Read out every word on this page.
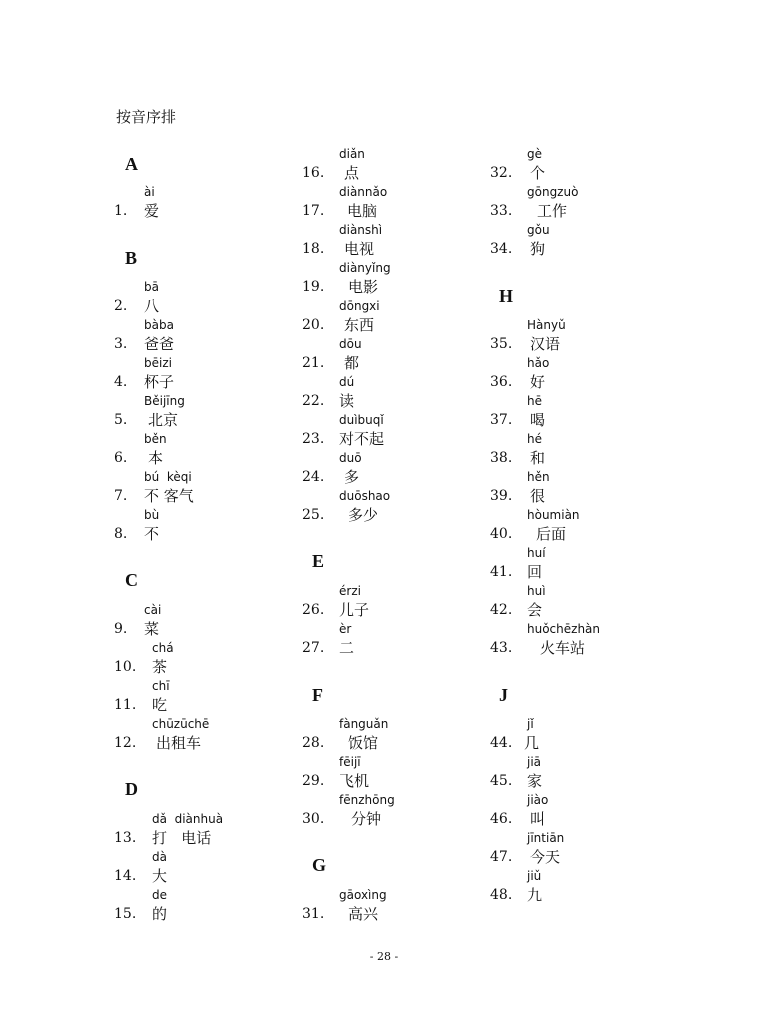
按音序排
A
B
C
D
E
F
G
H
J
ài
1. 爱
bā
2. 八
bàba
3. 爸爸
bēizi
4. 杯子
Běijīng
5. 北京
běn
6. 本
bú  kèqi
7. 不 客气
bù
8. 不
cài
9. 菜
chá
10. 茶
chī
11. 吃
chūzūchē
12. 出租车
dǎ  diànhuà
13. 打   电话
dà
14. 大
de
15. 的
diǎn
16. 点
diànnǎo
17. 电脑
diànshì
18. 电视
diànyǐng
19. 电影
dōngxi
20. 东西
dōu
21. 都
dú
22. 读
duìbuqǐ
23. 对不起
duō
24. 多
duōshao
25. 多少
érzi
26. 儿子
èr
27. 二
fànguǎn
28. 饭馆
fēijī
29. 飞机
fēnzhōng
30. 分钟
gāoxìng
31. 高兴
gè
32. 个
gōngzuò
33. 工作
gǒu
34. 狗
Hànyǔ
35. 汉语
hǎo
36. 好
hē
37. 喝
hé
38. 和
hěn
39. 很
hòumiàn
40. 后面
huí
41. 回
huì
42. 会
huǒchēzhàn
43. 火车站
jǐ
44. 几
jiā
45. 家
jiào
46. 叫
jīntiān
47. 今天
jiǔ
48. 九
- 28 -
